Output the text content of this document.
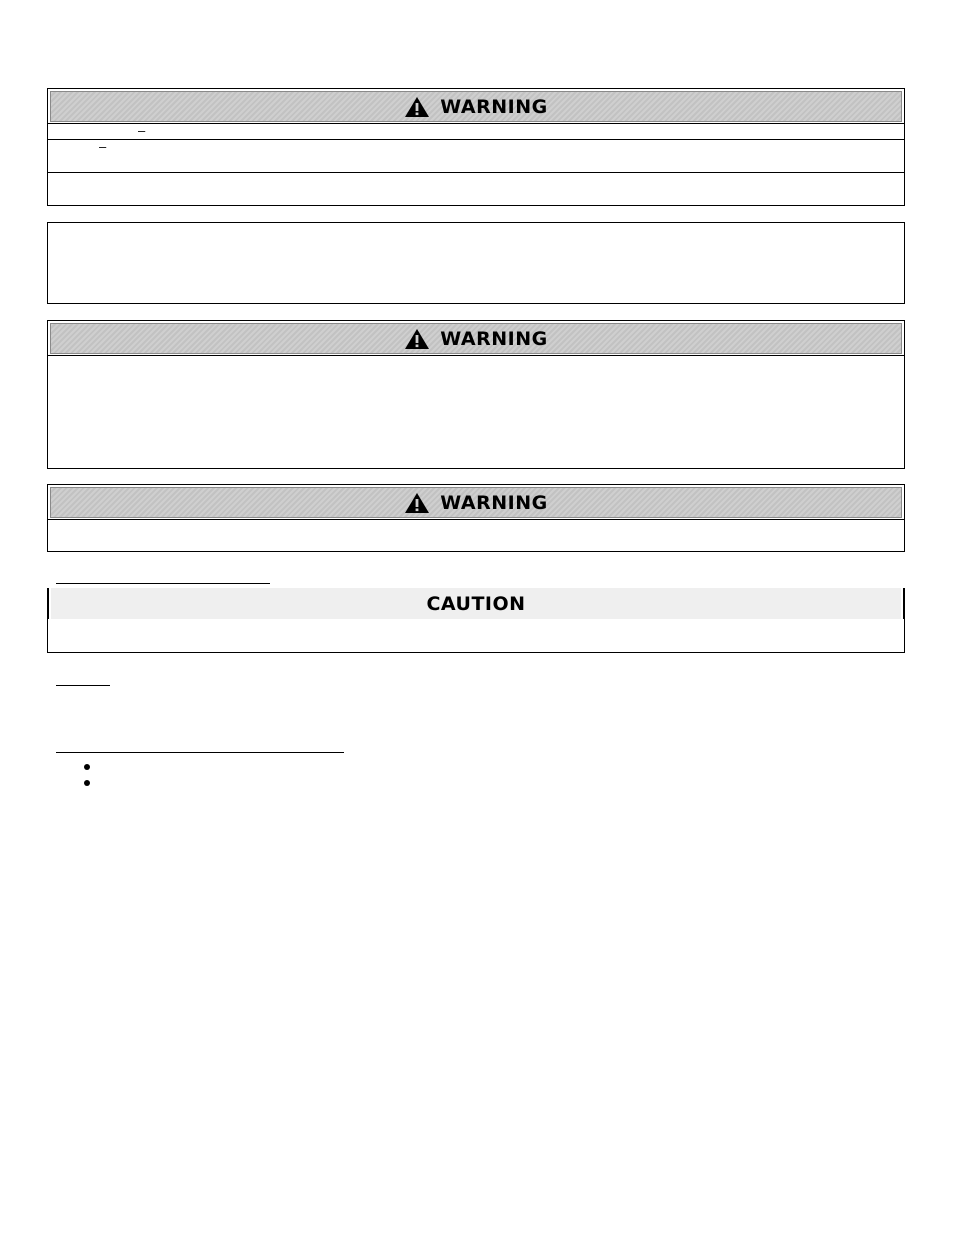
WARNING
–
–
WARNING
WARNING
CAUTION
